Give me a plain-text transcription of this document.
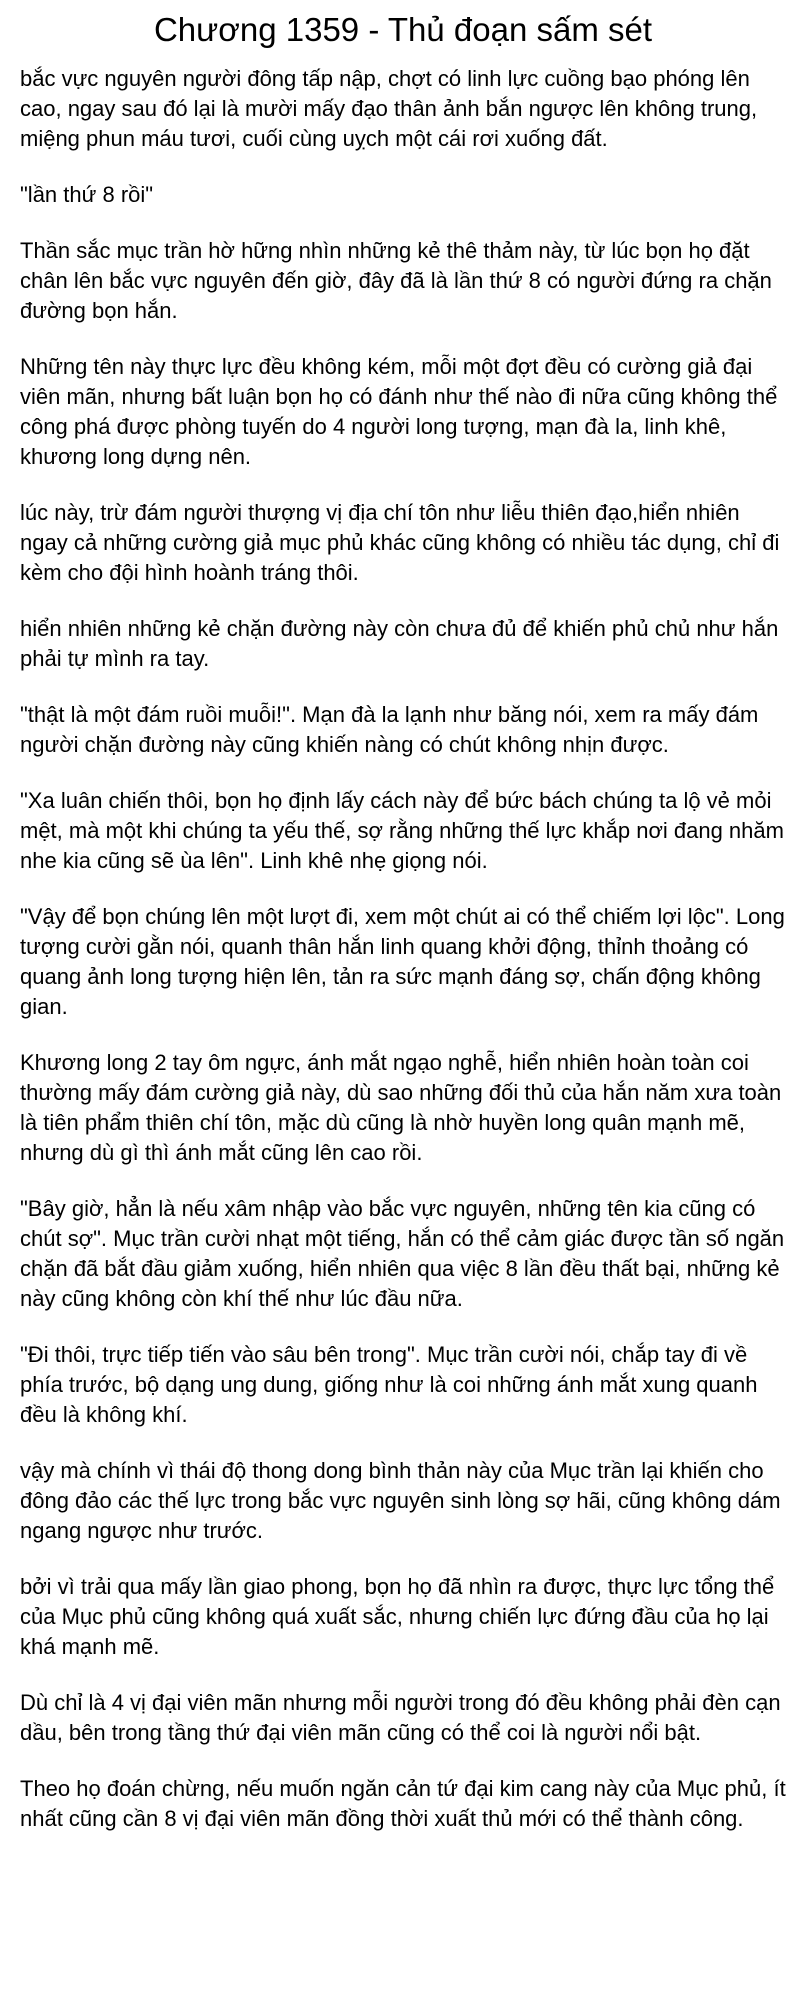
Chương 1359 - Thủ đoạn sấm sét

bắc vực nguyên người đông tấp nập, chợt có linh lực cuồng bạo phóng lên cao, ngay sau đó lại là mười mấy đạo thân ảnh bắn ngược lên không trung, miệng phun máu tươi, cuối cùng uỵch một cái rơi xuống đất.

"lần thứ 8 rồi"

Thần sắc mục trần hờ hững nhìn những kẻ thê thảm này, từ lúc bọn họ đặt chân lên bắc vực nguyên đến giờ, đây đã là lần thứ 8 có người đứng ra chặn đường bọn hắn.

Những tên này thực lực đều không kém, mỗi một đợt đều có cường giả đại viên mãn, nhưng bất luận bọn họ có đánh như thế nào đi nữa cũng không thể công phá được phòng tuyến do 4 người long tượng, mạn đà la, linh khê, khương long dựng nên.

lúc này, trừ đám người thượng vị địa chí tôn như liễu thiên đạo,hiển nhiên ngay cả những cường giả mục phủ khác cũng không có nhiều tác dụng, chỉ đi kèm cho đội hình hoành tráng thôi.

hiển nhiên những kẻ chặn đường này còn chưa đủ để khiến phủ chủ như hắn phải tự mình ra tay.

"thật là một đám ruồi muỗi!". Mạn đà la lạnh như băng nói, xem ra mấy đám người chặn đường này cũng khiến nàng có chút không nhịn được.

"Xa luân chiến thôi, bọn họ định lấy cách này để bức bách chúng ta lộ vẻ mỏi mệt, mà một khi chúng ta yếu thế, sợ rằng những thế lực khắp nơi đang nhăm nhe kia cũng sẽ ùa lên". Linh khê nhẹ giọng nói.

"Vậy để bọn chúng lên một lượt đi, xem một chút ai có thể chiếm lợi lộc". Long tượng cười gằn nói, quanh thân hắn linh quang khởi động, thỉnh thoảng có quang ảnh long tượng hiện lên, tản ra sức mạnh đáng sợ, chấn động không gian.

Khương long 2 tay ôm ngực, ánh mắt ngạo nghễ, hiển nhiên hoàn toàn coi thường mấy đám cường giả này, dù sao những đối thủ của hắn năm xưa toàn là tiên phẩm thiên chí tôn, mặc dù cũng là nhờ huyền long quân mạnh mẽ, nhưng dù gì thì ánh mắt cũng lên cao rồi.

"Bây giờ, hẳn là nếu xâm nhập vào bắc vực nguyên, những tên kia cũng có chút sợ". Mục trần cười nhạt một tiếng, hắn có thể cảm giác được tần số ngăn chặn đã bắt đầu giảm xuống, hiển nhiên qua việc 8 lần đều thất bại, những kẻ này cũng không còn khí thế như lúc đầu nữa.

"Đi thôi, trực tiếp tiến vào sâu bên trong". Mục trần cười nói, chắp tay đi về phía trước, bộ dạng ung dung, giống như là coi những ánh mắt xung quanh đều là không khí.

vậy mà chính vì thái độ thong dong bình thản này của Mục trần lại khiến cho đông đảo các thế lực trong bắc vực nguyên sinh lòng sợ hãi, cũng không dám ngang ngược như trước.

bởi vì trải qua mấy lần giao phong, bọn họ đã nhìn ra được, thực lực tổng thể của Mục phủ cũng không quá xuất sắc, nhưng chiến lực đứng đầu của họ lại khá mạnh mẽ.

Dù chỉ là 4 vị đại viên mãn nhưng mỗi người trong đó đều không phải đèn cạn dầu, bên trong tầng thứ đại viên mãn cũng có thể coi là người nổi bật.

Theo họ đoán chừng, nếu muốn ngăn cản tứ đại kim cang này của Mục phủ, ít nhất cũng cần 8 vị đại viên mãn đồng thời xuất thủ mới có thể thành công.
